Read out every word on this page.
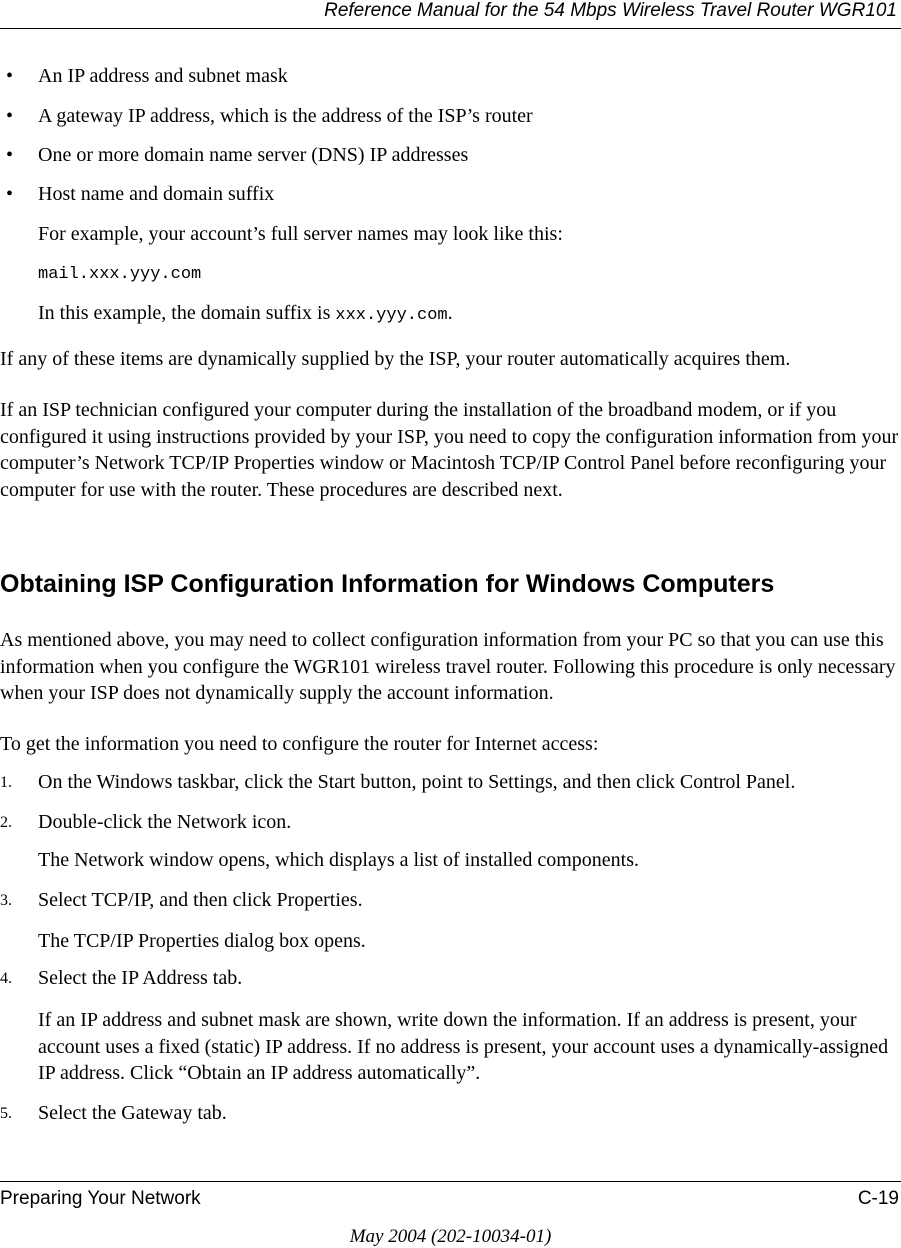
Reference Manual for the 54 Mbps Wireless Travel Router WGR101
• An IP address and subnet mask
• A gateway IP address, which is the address of the ISP’s router
• One or more domain name server (DNS) IP addresses
• Host name and domain suffix
For example, your account’s full server names may look like this:
mail.xxx.yyy.com
In this example, the domain suffix is xxx.yyy.com.
If any of these items are dynamically supplied by the ISP, your router automatically acquires them.

If an ISP technician configured your computer during the installation of the broadband modem, or if you configured it using instructions provided by your ISP, you need to copy the configuration information from your computer’s Network TCP/IP Properties window or Macintosh TCP/IP Control Panel before reconfiguring your computer for use with the router. These procedures are described next.

Obtaining ISP Configuration Information for Windows Computers

As mentioned above, you may need to collect configuration information from your PC so that you can use this information when you configure the WGR101 wireless travel router. Following this procedure is only necessary when your ISP does not dynamically supply the account information.

To get the information you need to configure the router for Internet access:
1. On the Windows taskbar, click the Start button, point to Settings, and then click Control Panel.
2. Double-click the Network icon.
The Network window opens, which displays a list of installed components.
3. Select TCP/IP, and then click Properties.
The TCP/IP Properties dialog box opens.
4. Select the IP Address tab.

If an IP address and subnet mask are shown, write down the information. If an address is present, your account uses a fixed (static) IP address. If no address is present, your account uses a dynamically-assigned IP address. Click “Obtain an IP address automatically”.

5. Select the Gateway tab.
Preparing Your Network	C-19
May 2004 (202-10034-01)
